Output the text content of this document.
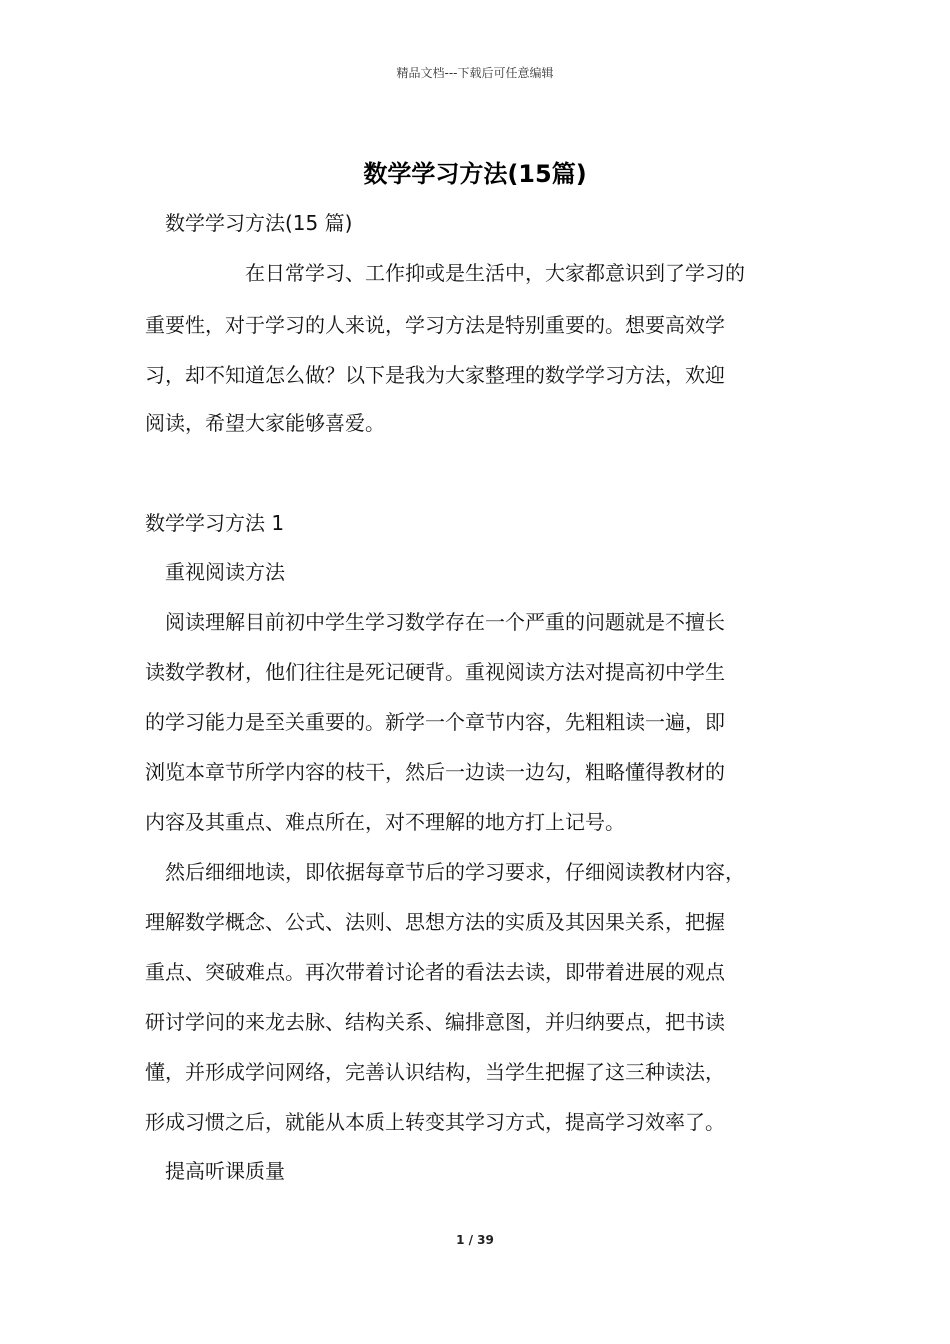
精品文档---下载后可任意编辑
数学学习方法(15篇)
数学学习方法(15 篇)
在日常学习、工作抑或是生活中，大家都意识到了学习的
重要性，对于学习的人来说，学习方法是特别重要的。想要高效学
习，却不知道怎么做？以下是我为大家整理的数学学习方法，欢迎
阅读，希望大家能够喜爱。
数学学习方法 1
重视阅读方法
阅读理解目前初中学生学习数学存在一个严重的问题就是不擅长
读数学教材，他们往往是死记硬背。重视阅读方法对提高初中学生
的学习能力是至关重要的。新学一个章节内容，先粗粗读一遍，即
浏览本章节所学内容的枝干，然后一边读一边勾，粗略懂得教材的
内容及其重点、难点所在，对不理解的地方打上记号。
然后细细地读，即依据每章节后的学习要求，仔细阅读教材内容，
理解数学概念、公式、法则、思想方法的实质及其因果关系，把握
重点、突破难点。再次带着讨论者的看法去读，即带着进展的观点
研讨学问的来龙去脉、结构关系、编排意图，并归纳要点，把书读
懂，并形成学问网络，完善认识结构，当学生把握了这三种读法，
形成习惯之后，就能从本质上转变其学习方式，提高学习效率了。
提高听课质量
1 / 39
